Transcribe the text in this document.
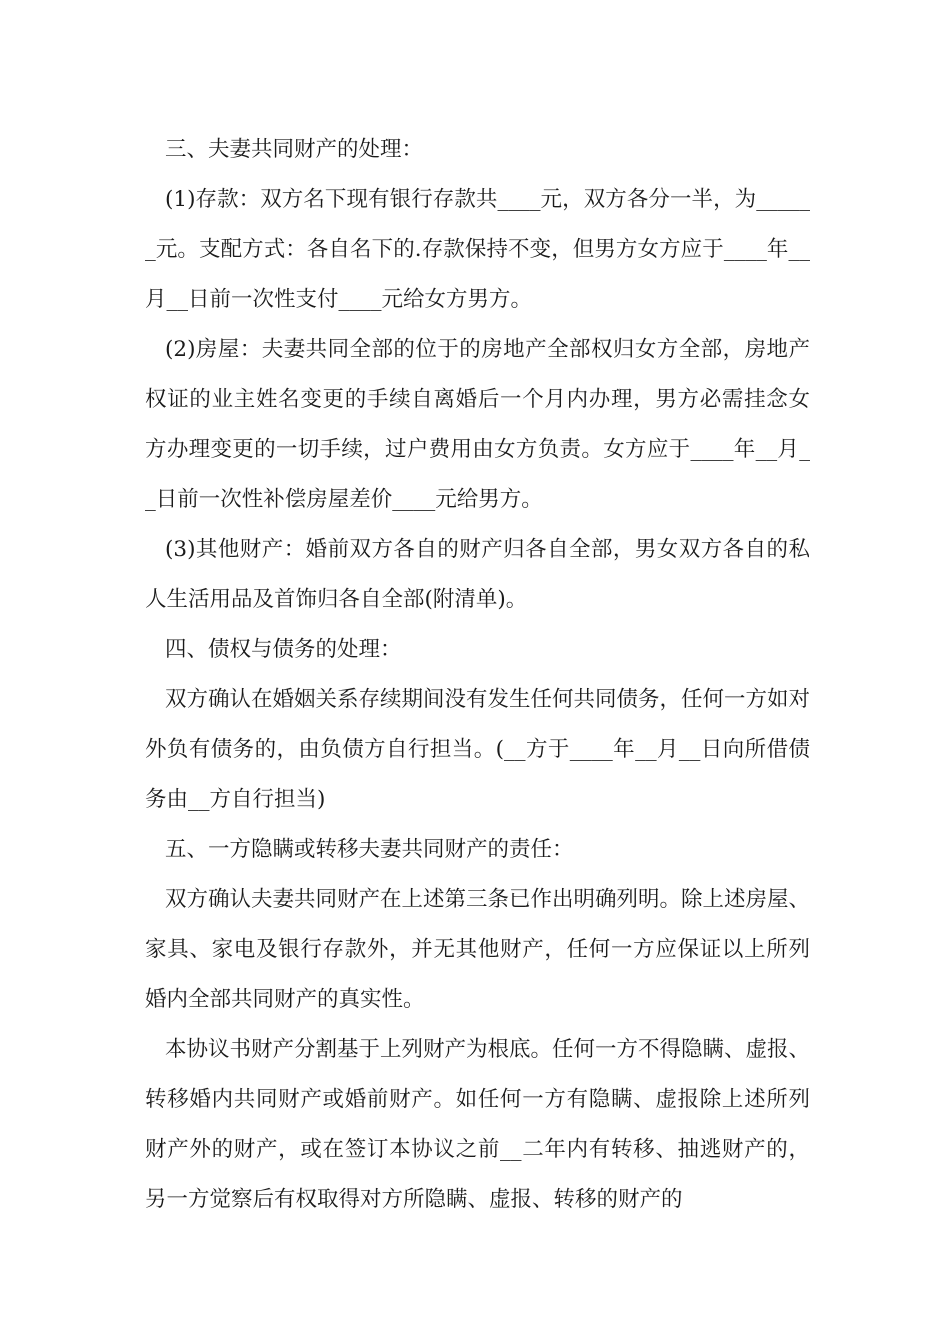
三、夫妻共同财产的处理：

(1)存款：双方名下现有银行存款共____元，双方各分一半，为______元。支配方式：各自名下的.存款保持不变，但男方女方应于____年__月__日前一次性支付____元给女方男方。

(2)房屋：夫妻共同全部的位于的房地产全部权归女方全部，房地产权证的业主姓名变更的手续自离婚后一个月内办理，男方必需挂念女方办理变更的一切手续，过户费用由女方负责。女方应于____年__月__日前一次性补偿房屋差价____元给男方。

(3)其他财产：婚前双方各自的财产归各自全部，男女双方各自的私人生活用品及首饰归各自全部(附清单)。

四、债权与债务的处理：

双方确认在婚姻关系存续期间没有发生任何共同债务，任何一方如对外负有债务的，由负债方自行担当。(__方于____年__月__日向所借债务由__方自行担当)

五、一方隐瞒或转移夫妻共同财产的责任：

双方确认夫妻共同财产在上述第三条已作出明确列明。除上述房屋、家具、家电及银行存款外，并无其他财产，任何一方应保证以上所列婚内全部共同财产的真实性。

本协议书财产分割基于上列财产为根底。任何一方不得隐瞒、虚报、转移婚内共同财产或婚前财产。如任何一方有隐瞒、虚报除上述所列财产外的财产，或在签订本协议之前__二年内有转移、抽逃财产的，另一方觉察后有权取得对方所隐瞒、虚报、转移的财产的
